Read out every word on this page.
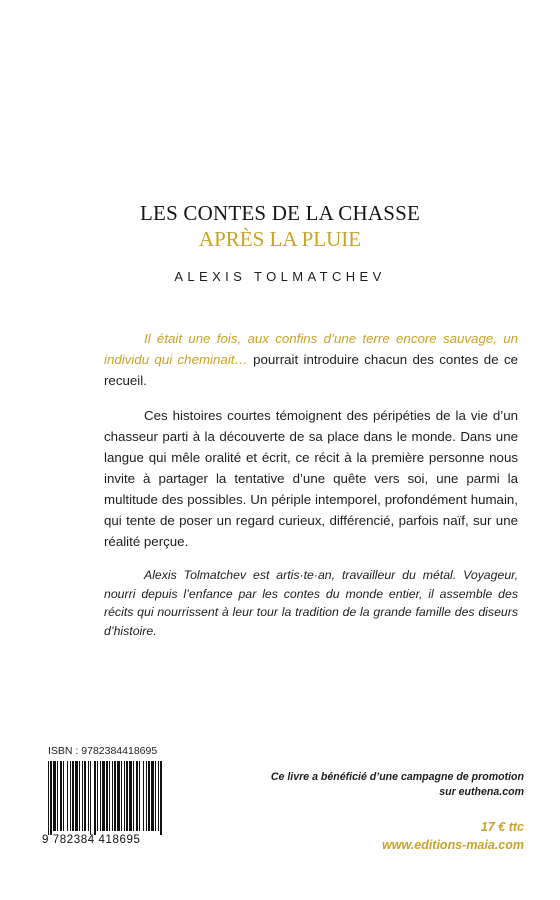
LES CONTES DE LA CHASSE
APRÈS LA PLUIE
ALEXIS TOLMATCHEV

Il était une fois, aux confins d’une terre encore sauvage, un individu qui cheminait… pourrait introduire chacun des contes de ce recueil.

Ces histoires courtes témoignent des péripéties de la vie d’un chasseur parti à la découverte de sa place dans le monde. Dans une langue qui mêle oralité et écrit, ce récit à la première personne nous invite à partager la tentative d’une quête vers soi, une parmi la multitude des possibles. Un périple intemporel, profondément humain, qui tente de poser un regard curieux, différencié, parfois naïf, sur une réalité perçue.

Alexis Tolmatchev est artis·te·an, travailleur du métal. Voyageur, nourri depuis l’enfance par les contes du monde entier, il assemble des récits qui nourrissent à leur tour la tradition de la grande famille des diseurs d’histoire.

ISBN : 9782384418695
9 782384 418695
Ce livre a bénéficié d’une campagne de promotion
sur euthena.com
17 € ttc
www.editions-maia.com
